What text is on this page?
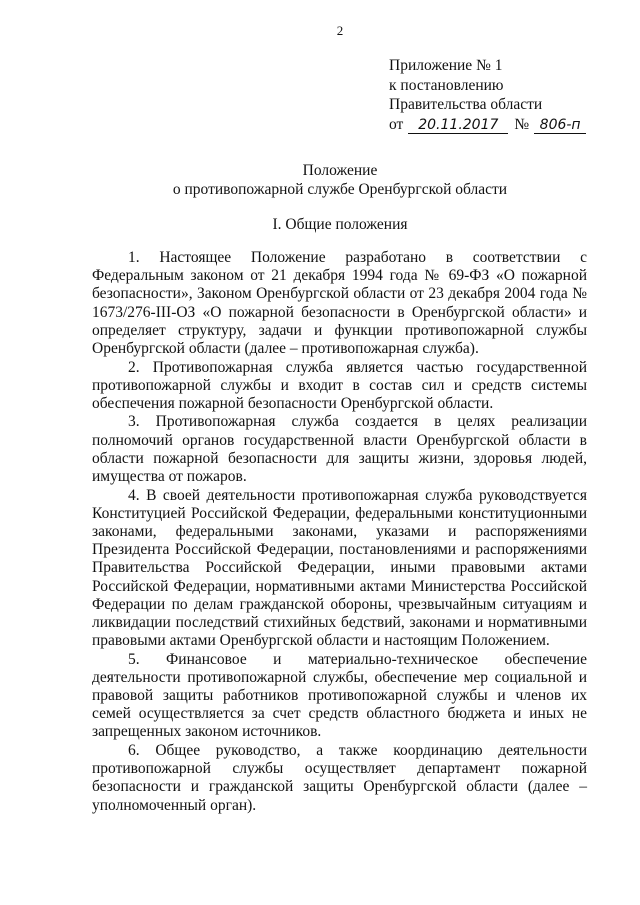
2
Приложение № 1
к постановлению
Правительства области
от 20.11.2017 № 806-п
Положение
о противопожарной службе Оренбургской области
I. Общие положения

1. Настоящее Положение разработано в соответствии с Федеральным законом от 21 декабря 1994 года № 69-ФЗ «О пожарной безопасности», Законом Оренбургской области от 23 декабря 2004 года № 1673/276-III-ОЗ «О пожарной безопасности в Оренбургской области» и определяет структуру, задачи и функции противопожарной службы Оренбургской области (далее – противопожарная служба).

2. Противопожарная служба является частью государственной противопожарной службы и входит в состав сил и средств системы обеспечения пожарной безопасности Оренбургской области.

3. Противопожарная служба создается в целях реализации полномочий органов государственной власти Оренбургской области в области пожарной безопасности для защиты жизни, здоровья людей, имущества от пожаров.

4. В своей деятельности противопожарная служба руководствуется Конституцией Российской Федерации, федеральными конституционными законами, федеральными законами, указами и распоряжениями Президента Российской Федерации, постановлениями и распоряжениями Правительства Российской Федерации, иными правовыми актами Российской Федерации, нормативными актами Министерства Российской Федерации по делам гражданской обороны, чрезвычайным ситуациям и ликвидации последствий стихийных бедствий, законами и нормативными правовыми актами Оренбургской области и настоящим Положением.

5. Финансовое и материально-техническое обеспечение деятельности противопожарной службы, обеспечение мер социальной и правовой защиты работников противопожарной службы и членов их семей осуществляется за счет средств областного бюджета и иных не запрещенных законом источников.

6. Общее руководство, а также координацию деятельности противопожарной службы осуществляет департамент пожарной безопасности и гражданской защиты Оренбургской области (далее – уполномоченный орган).
